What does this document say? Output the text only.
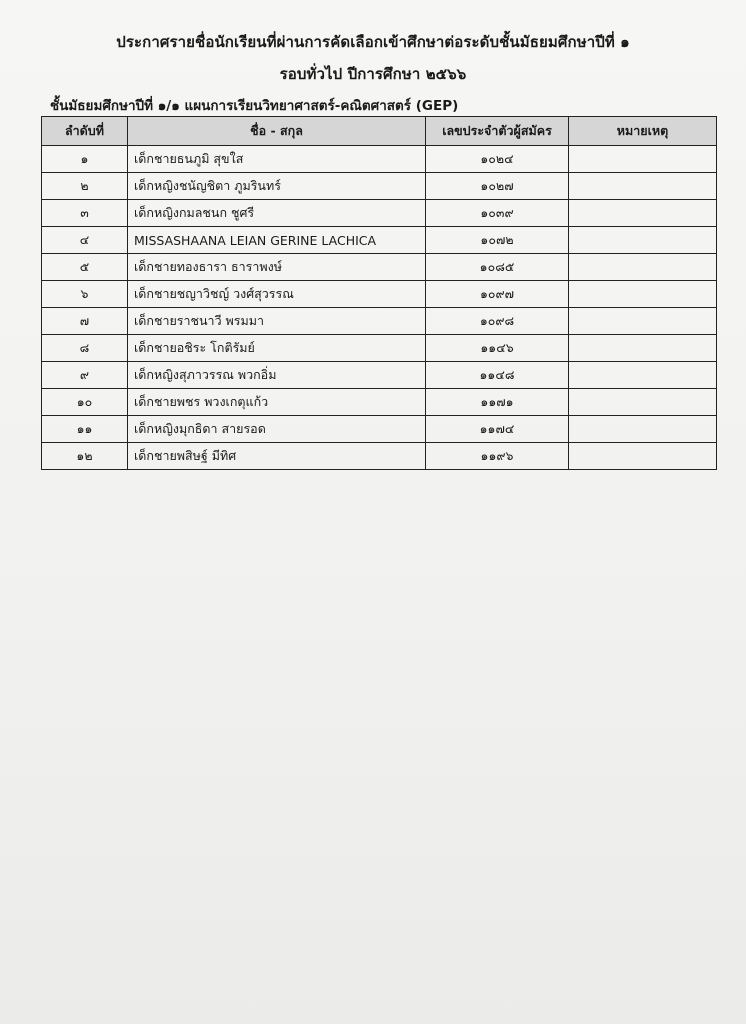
ประกาศรายชื่อนักเรียนที่ผ่านการคัดเลือกเข้าศึกษาต่อระดับชั้นมัธยมศึกษาปีที่ ๑
รอบทั่วไป ปีการศึกษา ๒๕๖๖
ชั้นมัธยมศึกษาปีที่ ๑/๑ แผนการเรียนวิทยาศาสตร์-คณิตศาสตร์ (GEP)
ลำดับที่	ชื่อ - สกุล	เลขประจำตัวผู้สมัคร	หมายเหตุ
๑	เด็กชายธนภูมิ สุขใส	๑๐๒๔	
๒	เด็กหญิงชนัญชิตา ภูมรินทร์	๑๐๒๗	
๓	เด็กหญิงกมลชนก ชูศรี	๑๐๓๙	
๔	MISSASHAANA LEIAN GERINE LACHICA	๑๐๗๒	
๕	เด็กชายทองธารา ธาราพงษ์	๑๐๘๕	
๖	เด็กชายชญาวิชญ์ วงศ์สุวรรณ	๑๐๙๗	
๗	เด็กชายราชนาวี พรมมา	๑๐๙๘	
๘	เด็กชายอชิระ โกติรัมย์	๑๑๔๖	
๙	เด็กหญิงสุภาวรรณ พวกอิ่ม	๑๑๔๘	
๑๐	เด็กชายพชร พวงเกตุแก้ว	๑๑๗๑	
๑๑	เด็กหญิงมุกธิดา สายรอด	๑๑๗๔	
๑๒	เด็กชายพสิษฐ์ มีทิศ	๑๑๙๖	
